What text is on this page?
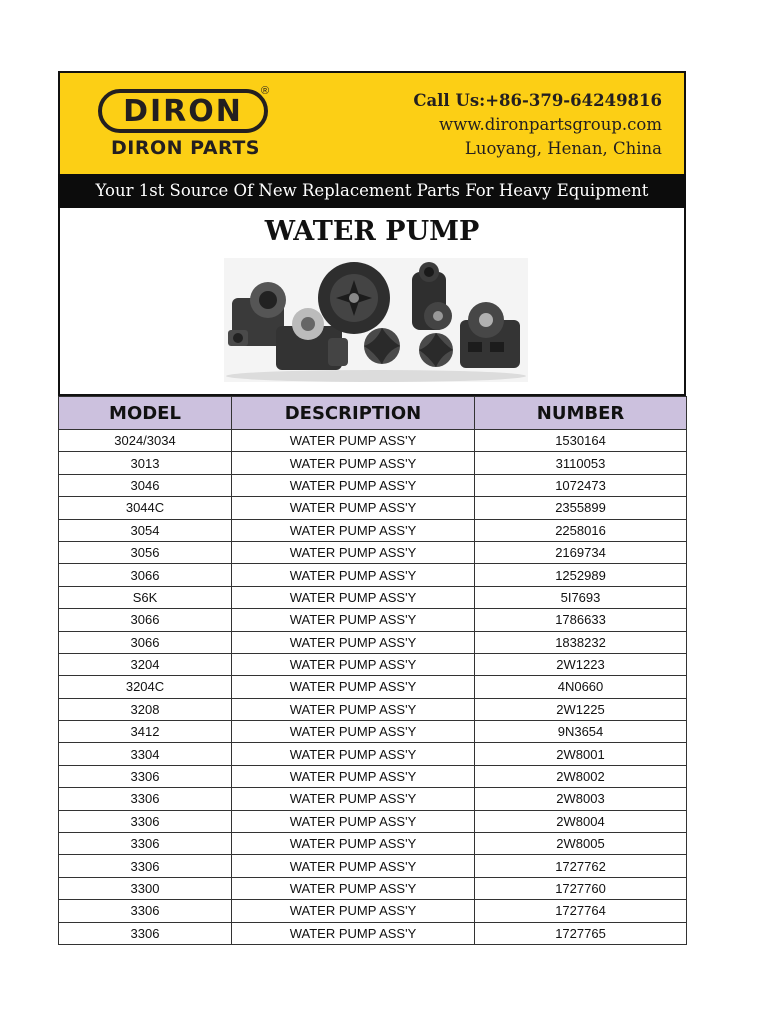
DIRON
®
DIRON PARTS
Call Us:+86-379-64249816
www.dironpartsgroup.com
Luoyang, Henan, China
Your 1st Source Of New Replacement Parts For Heavy Equipment
WATER PUMP
MODEL	DESCRIPTION	NUMBER
3024/3034	WATER PUMP ASS'Y	1530164
3013	WATER PUMP ASS'Y	3110053
3046	WATER PUMP ASS'Y	1072473
3044C	WATER PUMP ASS'Y	2355899
3054	WATER PUMP ASS'Y	2258016
3056	WATER PUMP ASS'Y	2169734
3066	WATER PUMP ASS'Y	1252989
S6K	WATER PUMP ASS'Y	5I7693
3066	WATER PUMP ASS'Y	1786633
3066	WATER PUMP ASS'Y	1838232
3204	WATER PUMP ASS'Y	2W1223
3204C	WATER PUMP ASS'Y	4N0660
3208	WATER PUMP ASS'Y	2W1225
3412	WATER PUMP ASS'Y	9N3654
3304	WATER PUMP ASS'Y	2W8001
3306	WATER PUMP ASS'Y	2W8002
3306	WATER PUMP ASS'Y	2W8003
3306	WATER PUMP ASS'Y	2W8004
3306	WATER PUMP ASS'Y	2W8005
3306	WATER PUMP ASS'Y	1727762
3300	WATER PUMP ASS'Y	1727760
3306	WATER PUMP ASS'Y	1727764
3306	WATER PUMP ASS'Y	1727765
